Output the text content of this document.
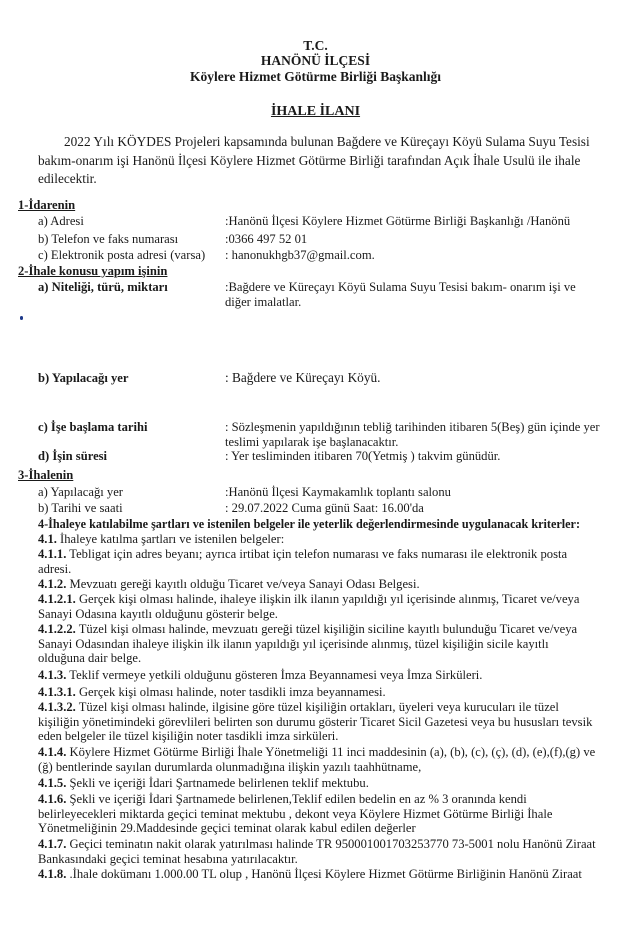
T.C.
HANÖNÜ İLÇESİ
Köylere Hizmet Götürme Birliği Başkanlığı
İHALE İLANI
2022 Yılı KÖYDES Projeleri kapsamında bulunan Bağdere ve Küreçayı Köyü Sulama Suyu Tesisi bakım-onarım işi Hanönü İlçesi Köylere Hizmet Götürme Birliği tarafından Açık İhale Usulü ile ihale edilecektir.
1-İdarenin
a) Adresi	:Hanönü İlçesi Köylere Hizmet Götürme Birliği Başkanlığı /Hanönü
b) Telefon ve faks numarası	:0366 497 52 01
c) Elektronik posta adresi (varsa) : hanonukhgb37@gmail.com.
2-İhale konusu yapım işinin
a) Niteliği, türü, miktarı	:Bağdere ve Küreçayı Köyü Sulama Suyu Tesisi bakım- onarım işi ve diğer imalatlar.
b) Yapılacağı yer	: Bağdere ve Küreçayı Köyü.
c) İşe başlama tarihi	: Sözleşmenin yapıldığının tebliğ tarihinden itibaren 5(Beş) gün içinde yer teslimi yapılarak işe başlanacaktır.
d) İşin süresi	: Yer tesliminden itibaren 70(Yetmiş ) takvim günüdür.
3-İhalenin
a) Yapılacağı yer	:Hanönü İlçesi Kaymakamlık toplantı salonu
b) Tarihi ve saati	: 29.07.2022 Cuma günü Saat: 16.00'da
4-İhaleye katılabilme şartları ve istenilen belgeler ile yeterlik değerlendirmesinde uygulanacak kriterler:
4.1. İhaleye katılma şartları ve istenilen belgeler:
4.1.1. Tebligat için adres beyanı; ayrıca irtibat için telefon numarası ve faks numarası ile elektronik posta adresi.
4.1.2. Mevzuatı gereği kayıtlı olduğu Ticaret ve/veya Sanayi Odası Belgesi.
4.1.2.1. Gerçek kişi olması halinde, ihaleye ilişkin ilk ilanın yapıldığı yıl içerisinde alınmış, Ticaret ve/veya Sanayi Odasına kayıtlı olduğunu gösterir belge.
4.1.2.2. Tüzel kişi olması halinde, mevzuatı gereği tüzel kişiliğin siciline kayıtlı bulunduğu Ticaret ve/veya Sanayi Odasından ihaleye ilişkin ilk ilanın yapıldığı yıl içerisinde alınmış, tüzel kişiliğin sicile kayıtlı olduğuna dair belge.
4.1.3. Teklif vermeye yetkili olduğunu gösteren İmza Beyannamesi veya İmza Sirküleri.
4.1.3.1. Gerçek kişi olması halinde, noter tasdikli imza beyannamesi.
4.1.3.2. Tüzel kişi olması halinde, ilgisine göre tüzel kişiliğin ortakları, üyeleri veya kurucuları ile tüzel kişiliğin yönetimindeki görevlileri belirten son durumu gösterir Ticaret Sicil Gazetesi veya bu hususları tevsik eden belgeler ile tüzel kişiliğin noter tasdikli imza sirküleri.
4.1.4. Köylere Hizmet Götürme Birliği İhale Yönetmeliği 11 inci maddesinin (a), (b), (c), (ç), (d), (e),(f),(g) ve (ğ) bentlerinde sayılan durumlarda olunmadığına ilişkin yazılı taahhütname,
4.1.5. Şekli ve içeriği İdari Şartnamede belirlenen teklif mektubu.
4.1.6. Şekli ve içeriği İdari Şartnamede belirlenen,Teklif edilen bedelin en az % 3 oranında kendi belirleyecekleri miktarda geçici teminat mektubu , dekont veya Köylere Hizmet Götürme Birliği İhale Yönetmeliğinin 29.Maddesinde geçici teminat olarak kabul edilen değerler
4.1.7. Geçici teminatın nakit olarak yatırılması halinde TR 950001001703253770 73-5001 nolu Hanönü Ziraat Bankasındaki geçici teminat hesabına yatırılacaktır.
4.1.8. .İhale dokümanı 1.000.00 TL olup , Hanönü İlçesi Köylere Hizmet Götürme Birliğinin Hanönü Ziraat
